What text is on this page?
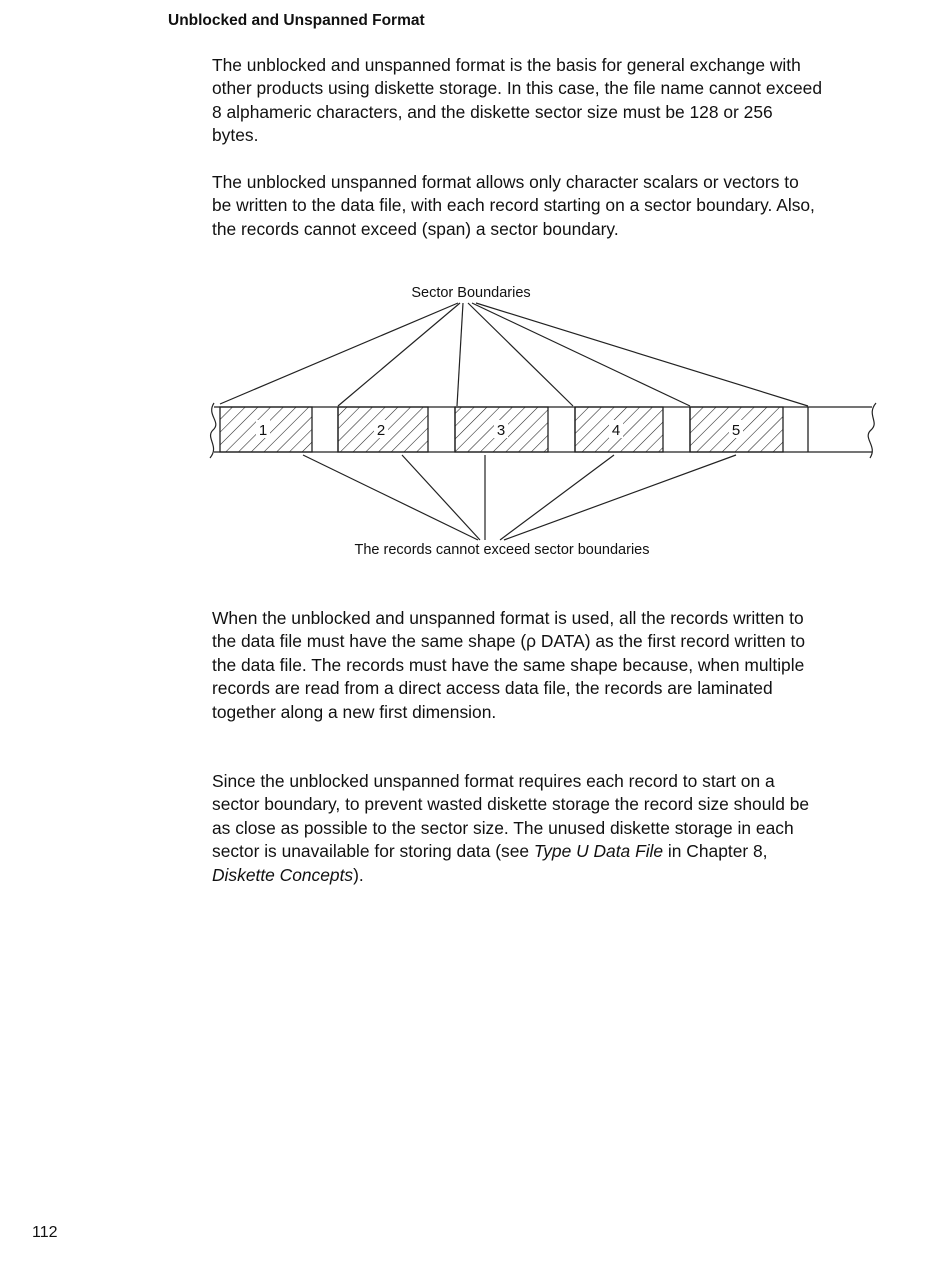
Unblocked and Unspanned Format

The unblocked and unspanned format is the basis for general exchange with other products using diskette storage. In this case, the file name cannot exceed 8 alphameric characters, and the diskette sector size must be 128 or 256 bytes.

The unblocked unspanned format allows only character scalars or vectors to be written to the data file, with each record starting on a sector boundary. Also, the records cannot exceed (span) a sector boundary.

Sector Boundaries
1	2	3	4	5
The records cannot exceed sector boundaries

When the unblocked and unspanned format is used, all the records written to the data file must have the same shape (ρ DATA) as the first record written to the data file. The records must have the same shape because, when multiple records are read from a direct access data file, the records are laminated together along a new first dimension.

Since the unblocked unspanned format requires each record to start on a sector boundary, to prevent wasted diskette storage the record size should be as close as possible to the sector size. The unused diskette storage in each sector is unavailable for storing data (see Type U Data File in Chapter 8, Diskette Concepts).

112
